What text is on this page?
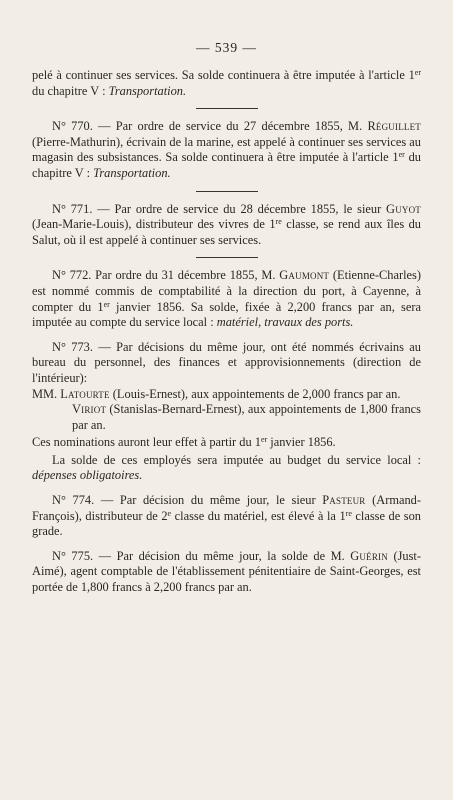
— 539 —

pelé à continuer ses services. Sa solde continuera à être imputée à l'article 1er du chapitre V : Transportation.

N° 770. — Par ordre de service du 27 décembre 1855, M. Réguillet (Pierre-Mathurin), écrivain de la marine, est appelé à continuer ses services au magasin des subsistances. Sa solde continuera à être imputée à l'article 1er du chapitre V : Transportation.

N° 771. — Par ordre de service du 28 décembre 1855, le sieur Guyot (Jean-Marie-Louis), distributeur des vivres de 1re classe, se rend aux îles du Salut, où il est appelé à continuer ses services.

N° 772. Par ordre du 31 décembre 1855, M. Gaumont (Etienne-Charles) est nommé commis de comptabilité à la direction du port, à Cayenne, à compter du 1er janvier 1856. Sa solde, fixée à 2,200 francs par an, sera imputée au compte du service local : matériel, travaux des ports.

N° 773. — Par décisions du même jour, ont été nommés écrivains au bureau du personnel, des finances et approvisionnements (direction de l'intérieur):

MM. Latourte (Louis-Ernest), aux appointements de 2,000 francs par an.

Viriot (Stanislas-Bernard-Ernest), aux appointements de 1,800 francs par an.

Ces nominations auront leur effet à partir du 1er janvier 1856.

La solde de ces employés sera imputée au budget du service local : dépenses obligatoires.

N° 774. — Par décision du même jour, le sieur Pasteur (Armand-François), distributeur de 2e classe du matériel, est élevé à la 1re classe de son grade.

N° 775. — Par décision du même jour, la solde de M. Guérin (Just-Aimé), agent comptable de l'établissement pénitentiaire de Saint-Georges, est portée de 1,800 francs à 2,200 francs par an.
